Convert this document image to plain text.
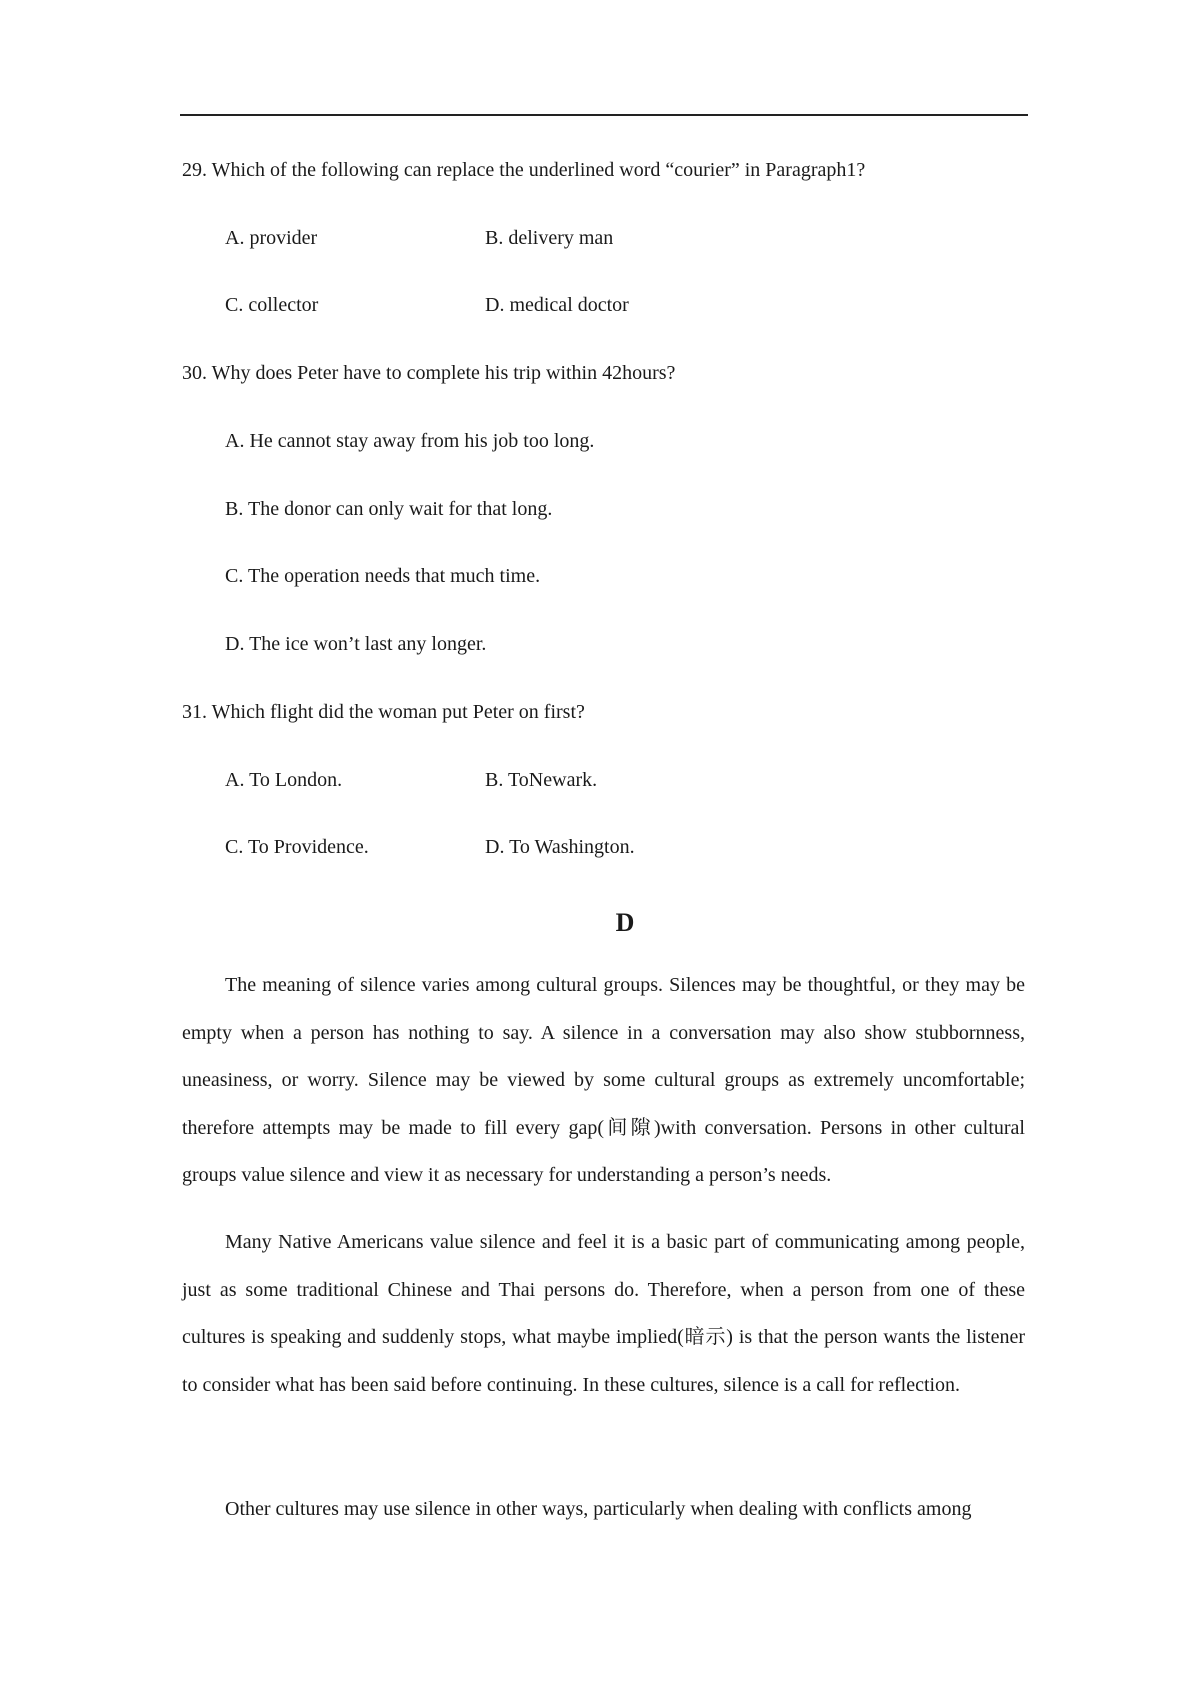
29. Which of the following can replace the underlined word “courier” in Paragraph1?
A. provider	B. delivery man
C. collector	D. medical doctor
30. Why does Peter have to complete his trip within 42hours?
A. He cannot stay away from his job too long.
B. The donor can only wait for that long.
C. The operation needs that much time.
D. The ice won’t last any longer.
31. Which flight did the woman put Peter on first?
A. To London.	B. ToNewark.
C. To Providence.	D. To Washington.
D

The meaning of silence varies among cultural groups. Silences may be thoughtful, or they may be empty when a person has nothing to say. A silence in a conversation may also show stubbornness, uneasiness, or worry. Silence may be viewed by some cultural groups as extremely uncomfortable; therefore attempts may be made to fill every gap(间隙)with conversation. Persons in other cultural groups value silence and view it as necessary for understanding a person’s needs.

Many Native Americans value silence and feel it is a basic part of communicating among people, just as some traditional Chinese and Thai persons do. Therefore, when a person from one of these cultures is speaking and suddenly stops, what maybe implied(暗示) is that the person wants the listener to consider what has been said before continuing. In these cultures, silence is a call for reflection.

Other cultures may use silence in other ways, particularly when dealing with conflicts among
